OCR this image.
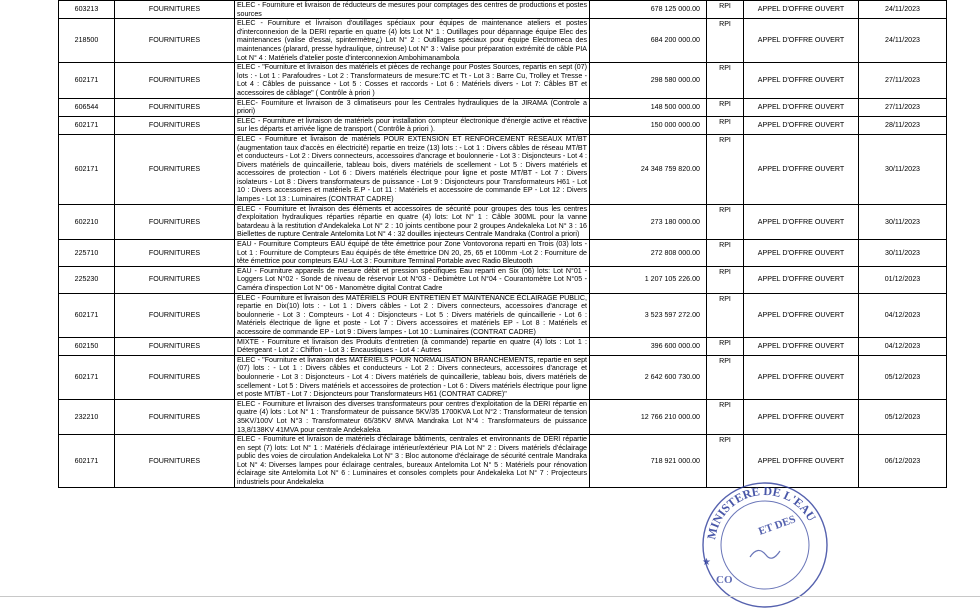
603213	FOURNITURES	ELEC - Fourniture et livraison de réducteurs de mesures pour comptages des centres de productions et postes sources	678 125 000.00	RPI	APPEL D'OFFRE OUVERT	24/11/2023
218500	FOURNITURES	ELEC - Fourniture et livraison d'outillages spéciaux pour équipes de maintenance ateliers et postes d'interconnexion de la DERI repartie en quatre (4) lots Lot N° 1 : Outillages pour dépannage équipe Elec des maintenances (valise d'essai, spintermètre¿) Lot N° 2 : Outillages spéciaux pour équipe Electromeca des maintenances (plarard, presse hydraulique, cintreuse) Lot N° 3 : Valise pour préparation extrémité de câble PIA Lot N° 4 : Matériels d'atelier poste d'interconnexion Ambohimanambola	684 200 000.00	RPI	APPEL D'OFFRE OUVERT	24/11/2023
602171	FOURNITURES	ELEC - "Fourniture et livraison des matériels et pièces de rechange pour Postes Sources, repartis en sept (07) lots : - Lot 1 : Parafoudres - Lot 2 : Transformateurs de mesure:TC et Tt - Lot 3 : Barre Cu, Trolley et Tresse -Lot 4 : Câbles de puissance - Lot 5 : Cosses et raccords - Lot 6 : Matériels divers - Lot 7: Câbles BT et accessoires de câblage" ( Contrôle à priori )	298 580 000.00	RPI	APPEL D'OFFRE OUVERT	27/11/2023
606544	FOURNITURES	ELEC- Fourniture et livraison de 3 climatiseurs pour les Centrales hydrauliques de la JIRAMA (Controle a priori)	148 500 000.00	RPI	APPEL D'OFFRE OUVERT	27/11/2023
602171	FOURNITURES	ELEC - Fourniture et livraison de matériels pour installation compteur électronique d'énergie active et réactive sur les départs et arrivée ligne de transport ( Contrôle à priori ).	150 000 000.00	RPI	APPEL D'OFFRE OUVERT	28/11/2023
602171	FOURNITURES	ELEC - Fourniture et livraison de matériels POUR EXTENSION ET RENFORCEMENT RÉSEAUX MT/BT (augmentation taux d'accès en électricité) repartie en treize (13) lots : - Lot 1 : Divers câbles de réseau MT/BT et conducteurs - Lot 2 : Divers connecteurs, accessoires d'ancrage et boulonnerie - Lot 3 : Disjoncteurs - Lot 4 : Divers matériels de quincaillerie, tableau bois, divers matériels de scellement - Lot 5 : Divers matériels et accessoires de protection - Lot 6 : Divers matériels électrique pour ligne et poste MT/BT - Lot 7 : Divers isolateurs - Lot 8 : Divers transformateurs de puissance - Lot 9 : Disjoncteurs pour Transformateurs H61 - Lot 10 : Divers accessoires et matériels E.P - Lot 11 : Matériels et accessoire de commande EP - Lot 12 : Divers lampes - Lot 13 : Luminaires (CONTRAT CADRE)	24 348 759 820.00	RPI	APPEL D'OFFRE OUVERT	30/11/2023
602210	FOURNITURES	ELEC - Fourniture et livraison des éléments et accessoires de sécurité pour groupes des tous les centres d'exploitation hydrauliques réparties répartie en quatre (4) lots: Lot N° 1 : Câble 300ML pour la vanne batardeau à la restitution d'Andekaleka Lot N° 2 : 10 joints centibone pour 2 groupes Andekaleka Lot N° 3 : 16 Biellettes de rupture Centrale Antelomita Lot N° 4 : 32 douilles injecteurs Centrale Mandraka (Control a priori)	273 180 000.00	RPI	APPEL D'OFFRE OUVERT	30/11/2023
225710	FOURNITURES	EAU - Fourniture Compteurs EAU équipé de tête émettrice pour Zone Vontovorona reparti en Trois (03) lots -Lot 1 : Fourniture de Compteurs Eau équipés de tête émettrice DN 20, 25, 65 et 100mm -Lot 2 : Fourniture de tête émettrice pour compteurs EAU -Lot 3 : Fourniture Terminal Portable avec Radio Bleutooth	272 808 000.00	RPI	APPEL D'OFFRE OUVERT	30/11/2023
225230	FOURNITURES	EAU - Fourniture appareils de mesure débit et pression spécifiques Eau reparti en Six (06) lots: Lot N°01 - Loggers Lot N°02 - Sonde de niveau de réservoir Lot N°03 - Debimètre Lot N°04 - Courantomètre Lot N°05 - Caméra d'inspection Lot N° 06 - Manomètre digital Contrat Cadre	1 207 105 226.00	RPI	APPEL D'OFFRE OUVERT	01/12/2023
602171	FOURNITURES	ELEC - Fourniture et livraison des MATÉRIELS POUR ENTRETIEN ET MAINTENANCE ÉCLAIRAGE PUBLIC, repartie en Dix(10) lots : - Lot 1 : Divers câbles - Lot 2 : Divers connecteurs, accessoires d'ancrage et boulonnerie - Lot 3 : Compteurs - Lot 4 : Disjoncteurs - Lot 5 : Divers matériels de quincaillerie - Lot 6 : Matériels électrique de ligne et poste - Lot 7 : Divers accessoires et matériels EP - Lot 8 : Matériels et accessoire de commande EP - Lot 9 : Divers lampes - Lot 10 : Luminaires (CONTRAT CADRE)	3 523 597 272.00	RPI	APPEL D'OFFRE OUVERT	04/12/2023
602150	FOURNITURES	MIXTE - Fourniture et livraison des Produits d'entretien (à commande) repartie en quatre (4) lots : Lot 1 : Détergeant - Lot 2 : Chiffon - Lot 3 : Encaustiques - Lot 4 : Autres	396 600 000.00	RPI	APPEL D'OFFRE OUVERT	04/12/2023
602171	FOURNITURES	ELEC - "Fourniture et livraison des MATÉRIELS POUR NORMALISATION BRANCHEMENTS, repartie en sept (07) lots : - Lot 1 : Divers câbles et conducteurs - Lot 2 : Divers connecteurs, accessoires d'ancrage et boulonnerie - Lot 3 : Disjoncteurs - Lot 4 : Divers matériels de quincaillerie, tableau bois, divers matériels de scellement - Lot 5 : Divers matériels et accessoires de protection - Lot 6 : Divers matériels électrique pour ligne et poste MT/BT - Lot 7 : Disjoncteurs pour Transformateurs H61 (CONTRAT CADRE)"	2 642 600 730.00	RPI	APPEL D'OFFRE OUVERT	05/12/2023
232210	FOURNITURES	ELEC - Fourniture et livraison des diverses transformateurs pour centres d'exploitation de la DERI répartie en quatre (4) lots : Lot N° 1 : Transformateur de puissance 5KV/35 1700KVA Lot N°2 : Transformateur de tension 35KV/100V Lot N°3 : Transformateur 65/35KV 8MVA Mandraka Lot N°4 : Transformateurs de puissance 13,8/138KV 41MVA pour centrale Andekaleka	12 766 210 000.00	RPI	APPEL D'OFFRE OUVERT	05/12/2023
602171	FOURNITURES	ELEC - Fourniture et livraison de matériels d'éclairage bâtiments, centrales et environnants de DERI répartie en sept (7) lots: Lot N° 1 : Matériels d'éclairage intérieur/extérieur PIA Lot N° 2 : Divers matériels d'éclairage public des voies de circulation Andekaleka Lot N° 3 : Bloc autonome d'éclairage de sécurité centrale Mandraka Lot N° 4: Diverses lampes pour éclairage centrales, bureaux Antelomita Lot N° 5 : Matériels pour rénovation éclairage site Antelomita Lot N° 6 : Luminaires et consoles complets pour Andekaleka Lot N° 7 : Projecteurs industriels pour Andekaleka	718 921 000.00	RPI	APPEL D'OFFRE OUVERT	06/12/2023
MINISTERE DE L'EAU
ET DES
CO
★
